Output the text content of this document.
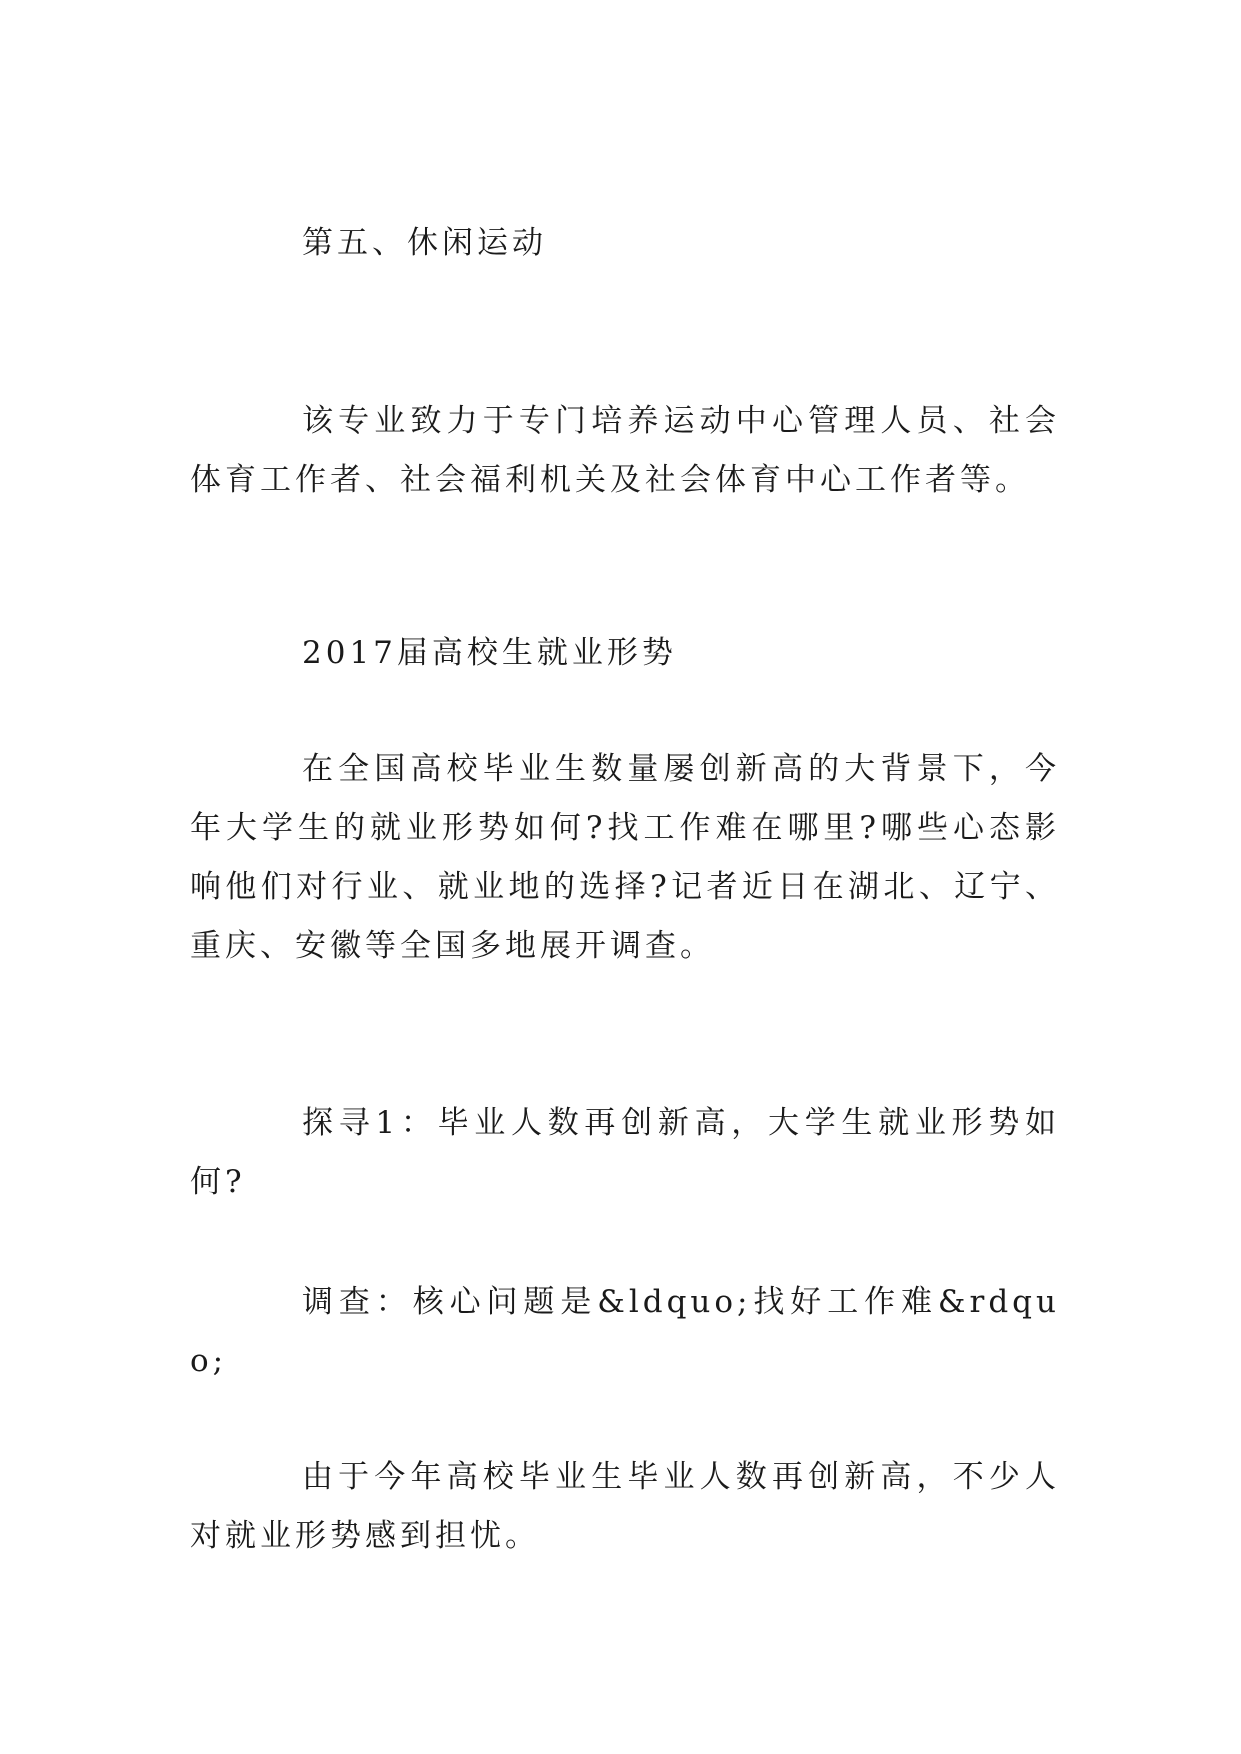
第五、休闲运动

该专业致力于专门培养运动中心管理人员、社会体育工作者、社会福利机关及社会体育中心工作者等。

2017届高校生就业形势

在全国高校毕业生数量屡创新高的大背景下，今年大学生的就业形势如何?找工作难在哪里?哪些心态影响他们对行业、就业地的选择?记者近日在湖北、辽宁、重庆、安徽等全国多地展开调查。

探寻1：毕业人数再创新高，大学生就业形势如何?

调查：核心问题是&ldquo;找好工作难&rdquo;

由于今年高校毕业生毕业人数再创新高，不少人对就业形势感到担忧。
